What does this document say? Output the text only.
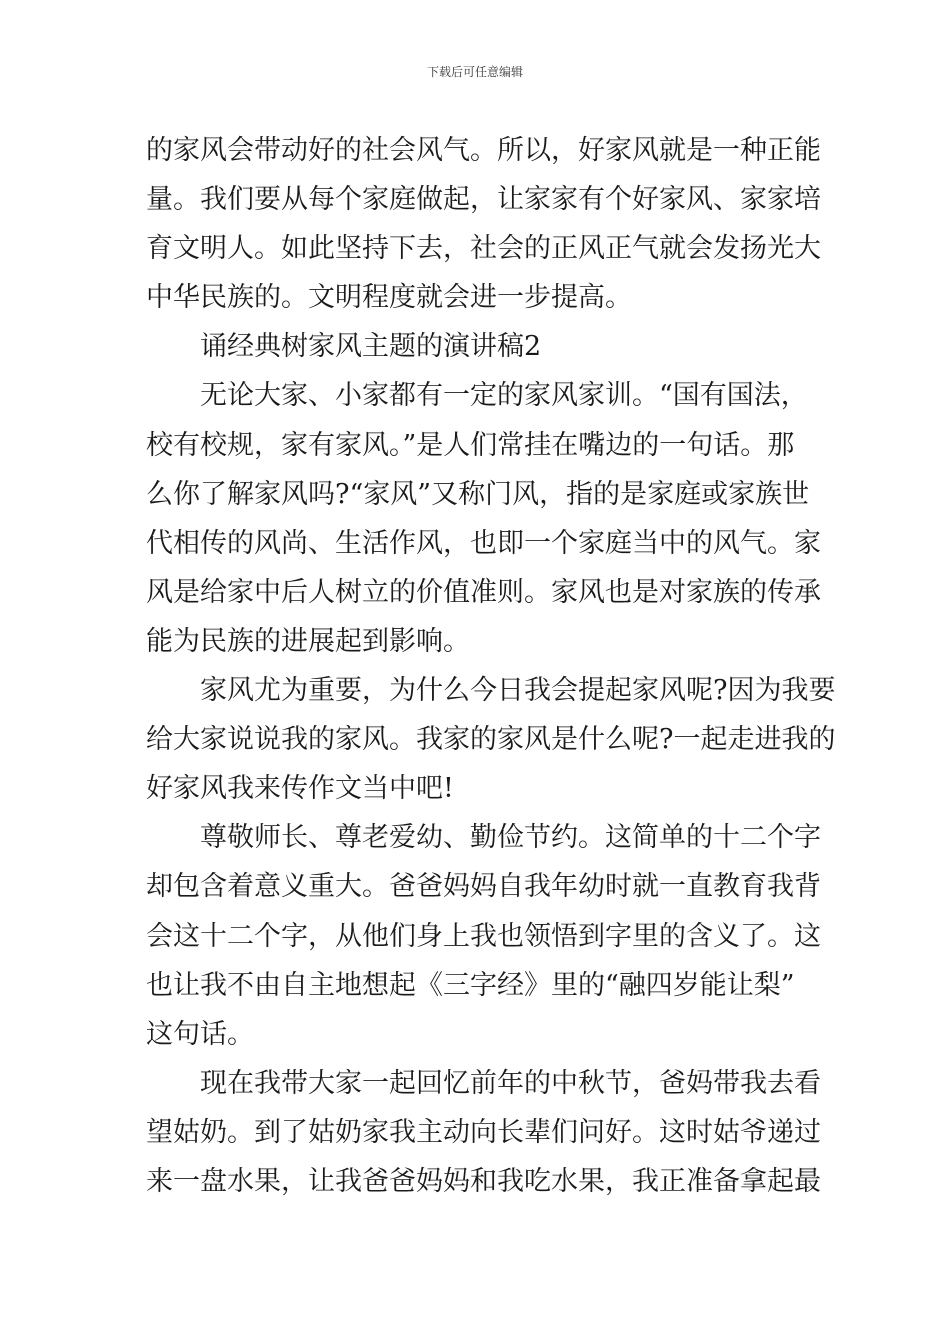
下载后可任意编辑
的家风会带动好的社会风气。所以，好家风就是一种正能
量。我们要从每个家庭做起，让家家有个好家风、家家培
育文明人。如此坚持下去，社会的正风正气就会发扬光大
中华民族的。文明程度就会进一步提高。
诵经典树家风主题的演讲稿2
无论大家、小家都有一定的家风家训。“国有国法，
校有校规，家有家风。”是人们常挂在嘴边的一句话。那
么你了解家风吗?“家风”又称门风，指的是家庭或家族世
代相传的风尚、生活作风，也即一个家庭当中的风气。家
风是给家中后人树立的价值准则。家风也是对家族的传承
能为民族的进展起到影响。
家风尤为重要，为什么今日我会提起家风呢?因为我要
给大家说说我的家风。我家的家风是什么呢?一起走进我的
好家风我来传作文当中吧!
尊敬师长、尊老爱幼、勤俭节约。这简单的十二个字
却包含着意义重大。爸爸妈妈自我年幼时就一直教育我背
会这十二个字，从他们身上我也领悟到字里的含义了。这
也让我不由自主地想起《三字经》里的“融四岁能让梨”
这句话。
现在我带大家一起回忆前年的中秋节，爸妈带我去看
望姑奶。到了姑奶家我主动向长辈们问好。这时姑爷递过
来一盘水果，让我爸爸妈妈和我吃水果，我正准备拿起最
